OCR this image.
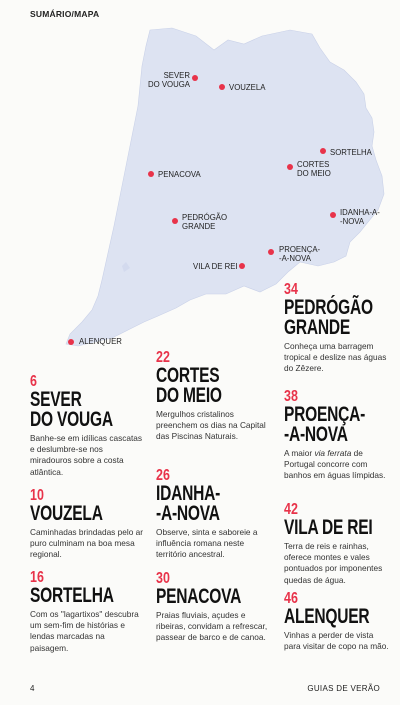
SUMÁRIO/MAPA
SEVER
DO VOUGA	VOUZELA
SORTELHA
CORTES
DO MEIO
PENACOVA
IDANHA-A-
-NOVA
PEDRÓGÃO
GRANDE
PROENÇA-
-A-NOVA
VILA DE REI
ALENQUER
6
SEVER
DO VOUGA
Banhe-se em idílicas cascatas e deslumbre-se nos miradouros sobre a costa atlântica.
10
VOUZELA
Caminhadas brindadas pelo ar puro culminam na boa mesa regional.
16
SORTELHA
Com os "lagartixos" descubra um sem-fim de histórias e lendas marcadas na paisagem.
22
CORTES
DO MEIO
Mergulhos cristalinos preenchem os dias na Capital das Piscinas Naturais.
26
IDANHA-
-A-NOVA
Observe, sinta e saboreie a influência romana neste território ancestral.
30
PENACOVA
Praias fluviais, açudes e ribeiras, convidam a refrescar, passear de barco e de canoa.
34
PEDRÓGÃO
GRANDE
Conheça uma barragem tropical e deslize nas águas do Zêzere.
38
PROENÇA-
-A-NOVA
A maior via ferrata de Portugal concorre com banhos em águas límpidas.
42
VILA DE REI
Terra de reis e rainhas, oferece montes e vales pontuados por imponentes quedas de água.
46
ALENQUER
Vinhas a perder de vista para visitar de copo na mão.
4	GUIAS DE VERÃO
